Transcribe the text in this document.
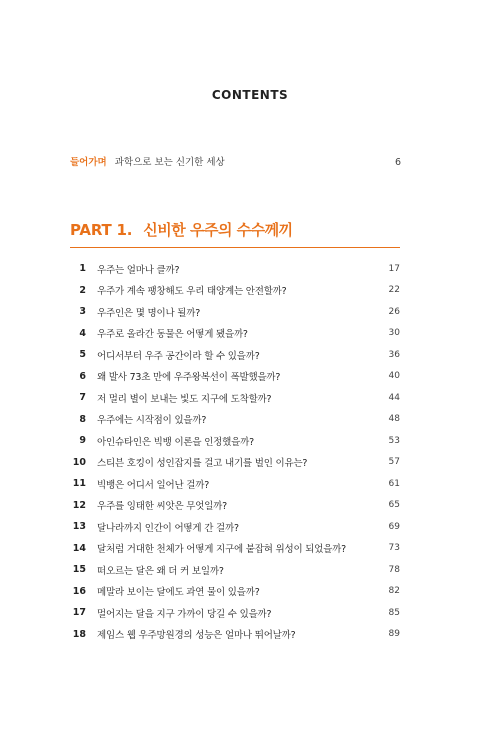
CONTENTS
들어가며 과학으로 보는 신기한 세상	6
PART 1. 신비한 우주의 수수께끼
1	우주는 얼마나 클까?	17
2	우주가 계속 팽창해도 우리 태양계는 안전할까?	22
3	우주인은 몇 명이나 될까?	26
4	우주로 올라간 동물은 어떻게 됐을까?	30
5	어디서부터 우주 공간이라 할 수 있을까?	36
6	왜 발사 73초 만에 우주왕복선이 폭발했을까?	40
7	저 멀리 별이 보내는 빛도 지구에 도착할까?	44
8	우주에는 시작점이 있을까?	48
9	아인슈타인은 빅뱅 이론을 인정했을까?	53
10	스티븐 호킹이 성인잡지를 걸고 내기를 벌인 이유는?	57
11	빅뱅은 어디서 일어난 걸까?	61
12	우주를 잉태한 씨앗은 무엇일까?	65
13	달나라까지 인간이 어떻게 간 걸까?	69
14	달처럼 거대한 천체가 어떻게 지구에 붙잡혀 위성이 되었을까?	73
15	떠오르는 달은 왜 더 커 보일까?	78
16	메말라 보이는 달에도 과연 물이 있을까?	82
17	멀어지는 달을 지구 가까이 당길 수 있을까?	85
18	제임스 웹 우주망원경의 성능은 얼마나 뛰어날까?	89
